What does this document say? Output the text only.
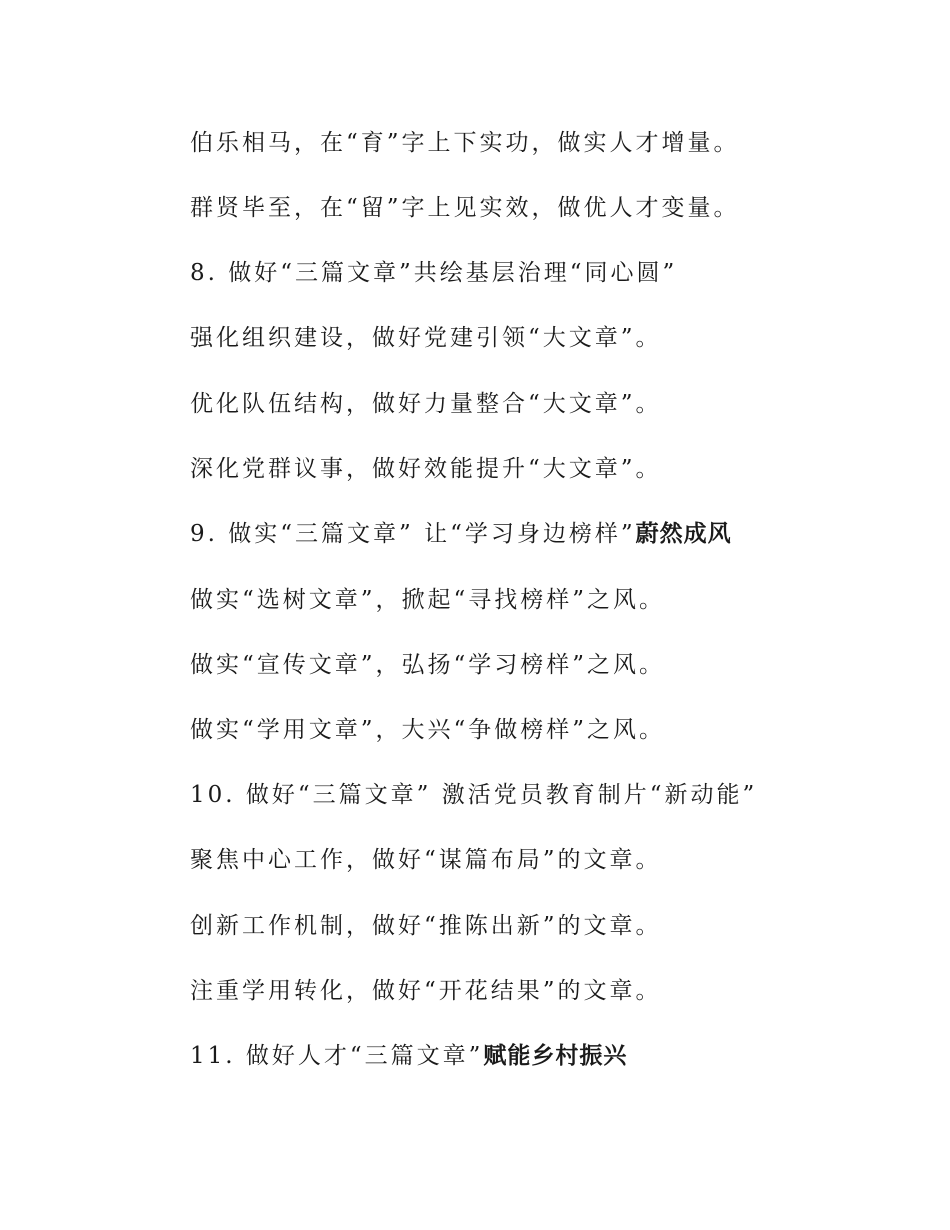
伯乐相马，在“育”字上下实功，做实人才增量。
群贤毕至，在“留”字上见实效，做优人才变量。
8. 做好“三篇文章”共绘基层治理“同心圆”
强化组织建设，做好党建引领“大文章”。
优化队伍结构，做好力量整合“大文章”。
深化党群议事，做好效能提升“大文章”。
9. 做实“三篇文章” 让“学习身边榜样”蔚然成风
做实“选树文章”，掀起“寻找榜样”之风。
做实“宣传文章”，弘扬“学习榜样”之风。
做实“学用文章”，大兴“争做榜样”之风。
10. 做好“三篇文章” 激活党员教育制片“新动能”
聚焦中心工作，做好“谋篇布局”的文章。
创新工作机制，做好“推陈出新”的文章。
注重学用转化，做好“开花结果”的文章。
11. 做好人才“三篇文章”赋能乡村振兴
